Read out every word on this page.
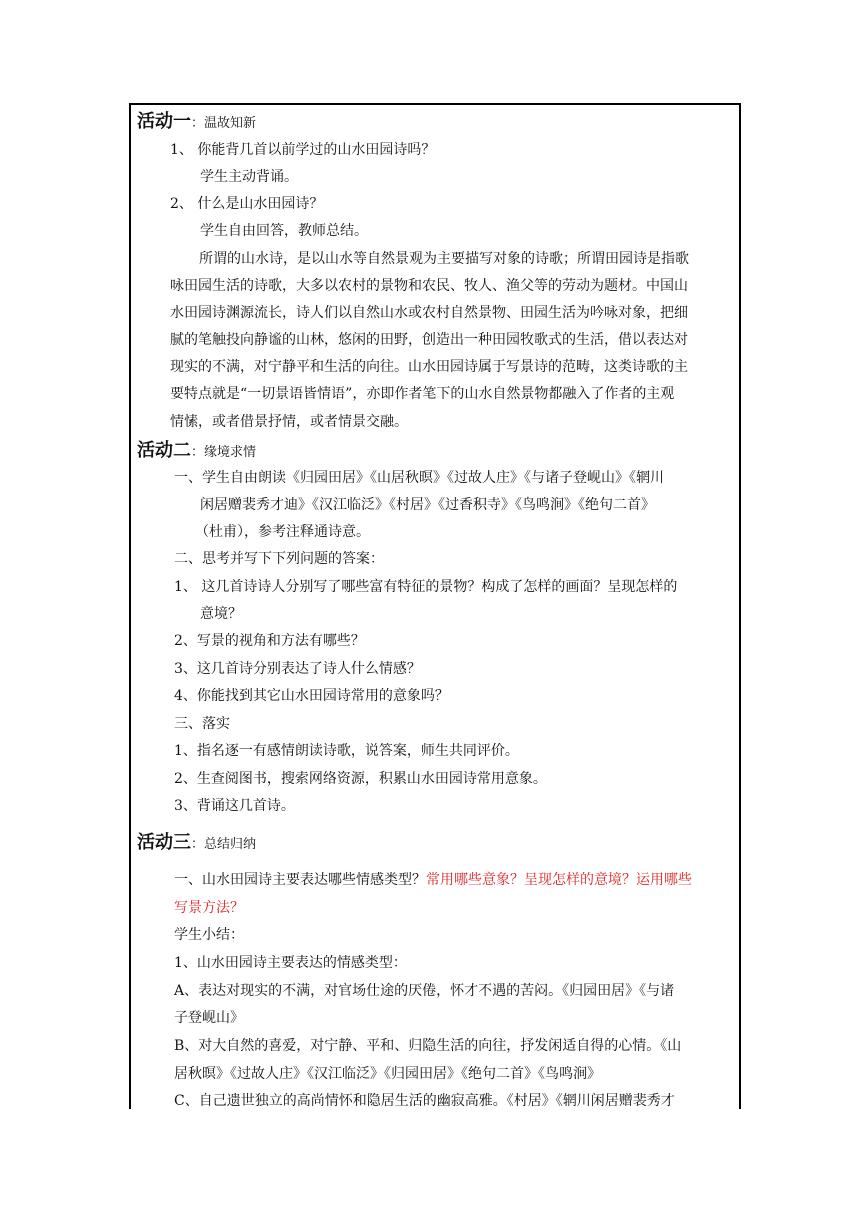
活动一：温故知新
1、 你能背几首以前学过的山水田园诗吗？
学生主动背诵。
2、 什么是山水田园诗？
学生自由回答，教师总结。
所谓的山水诗，是以山水等自然景观为主要描写对象的诗歌；所谓田园诗是指歌
咏田园生活的诗歌，大多以农村的景物和农民、牧人、渔父等的劳动为题材。中国山
水田园诗渊源流长，诗人们以自然山水或农村自然景物、田园生活为吟咏对象，把细
腻的笔触投向静谧的山林，悠闲的田野，创造出一种田园牧歌式的生活，借以表达对
现实的不满，对宁静平和生活的向往。山水田园诗属于写景诗的范畴，这类诗歌的主
要特点就是“一切景语皆情语”，亦即作者笔下的山水自然景物都融入了作者的主观
情愫，或者借景抒情，或者情景交融。
活动二：缘境求情
一、学生自由朗读《归园田居》《山居秋暝》《过故人庄》《与诸子登岘山》《辋川
闲居赠裴秀才迪》《汉江临泛》《村居》《过香积寺》《鸟鸣涧》《绝句二首》
（杜甫），参考注释通诗意。
二、思考并写下下列问题的答案：
1、 这几首诗诗人分别写了哪些富有特征的景物？构成了怎样的画面？呈现怎样的
意境？
2、写景的视角和方法有哪些？
3、这几首诗分别表达了诗人什么情感？
4、你能找到其它山水田园诗常用的意象吗？
三、落实
1、指名逐一有感情朗读诗歌，说答案，师生共同评价。
2、生查阅图书，搜索网络资源，积累山水田园诗常用意象。
3、背诵这几首诗。
活动三：总结归纳
一、山水田园诗主要表达哪些情感类型？常用哪些意象？呈现怎样的意境？运用哪些
写景方法？
学生小结：
1、山水田园诗主要表达的情感类型：
A、表达对现实的不满，对官场仕途的厌倦，怀才不遇的苦闷。《归园田居》《与诸
子登岘山》
B、对大自然的喜爱，对宁静、平和、归隐生活的向往，抒发闲适自得的心情。《山
居秋暝》《过故人庄》《汉江临泛》《归园田居》《绝句二首》《鸟鸣涧》
C、自己遗世独立的高尚情怀和隐居生活的幽寂高雅。《村居》《辋川闲居赠裴秀才
